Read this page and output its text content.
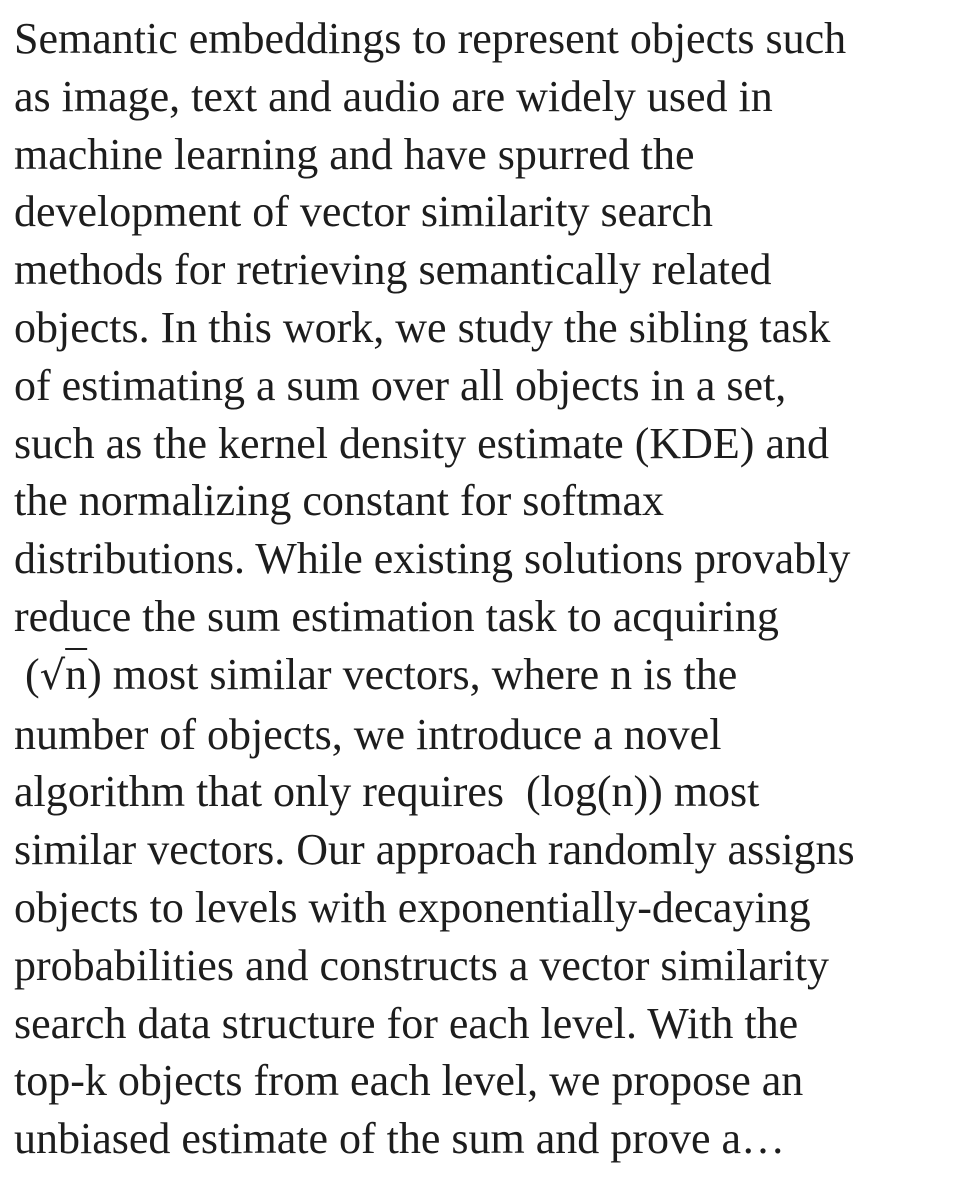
Semantic embeddings to represent objects such
as image, text and audio are widely used in
machine learning and have spurred the
development of vector similarity search
methods for retrieving semantically related
objects. In this work, we study the sibling task
of estimating a sum over all objects in a set,
such as the kernel density estimate (KDE) and
the normalizing constant for softmax
distributions. While existing solutions provably
reduce the sum estimation task to acquiring
(√n) most similar vectors, where n is the
number of objects, we introduce a novel
algorithm that only requires  (log(n)) most
similar vectors. Our approach randomly assigns
objects to levels with exponentially-decaying
probabilities and constructs a vector similarity
search data structure for each level. With the
top-k objects from each level, we propose an
unbiased estimate of the sum and prove a…
